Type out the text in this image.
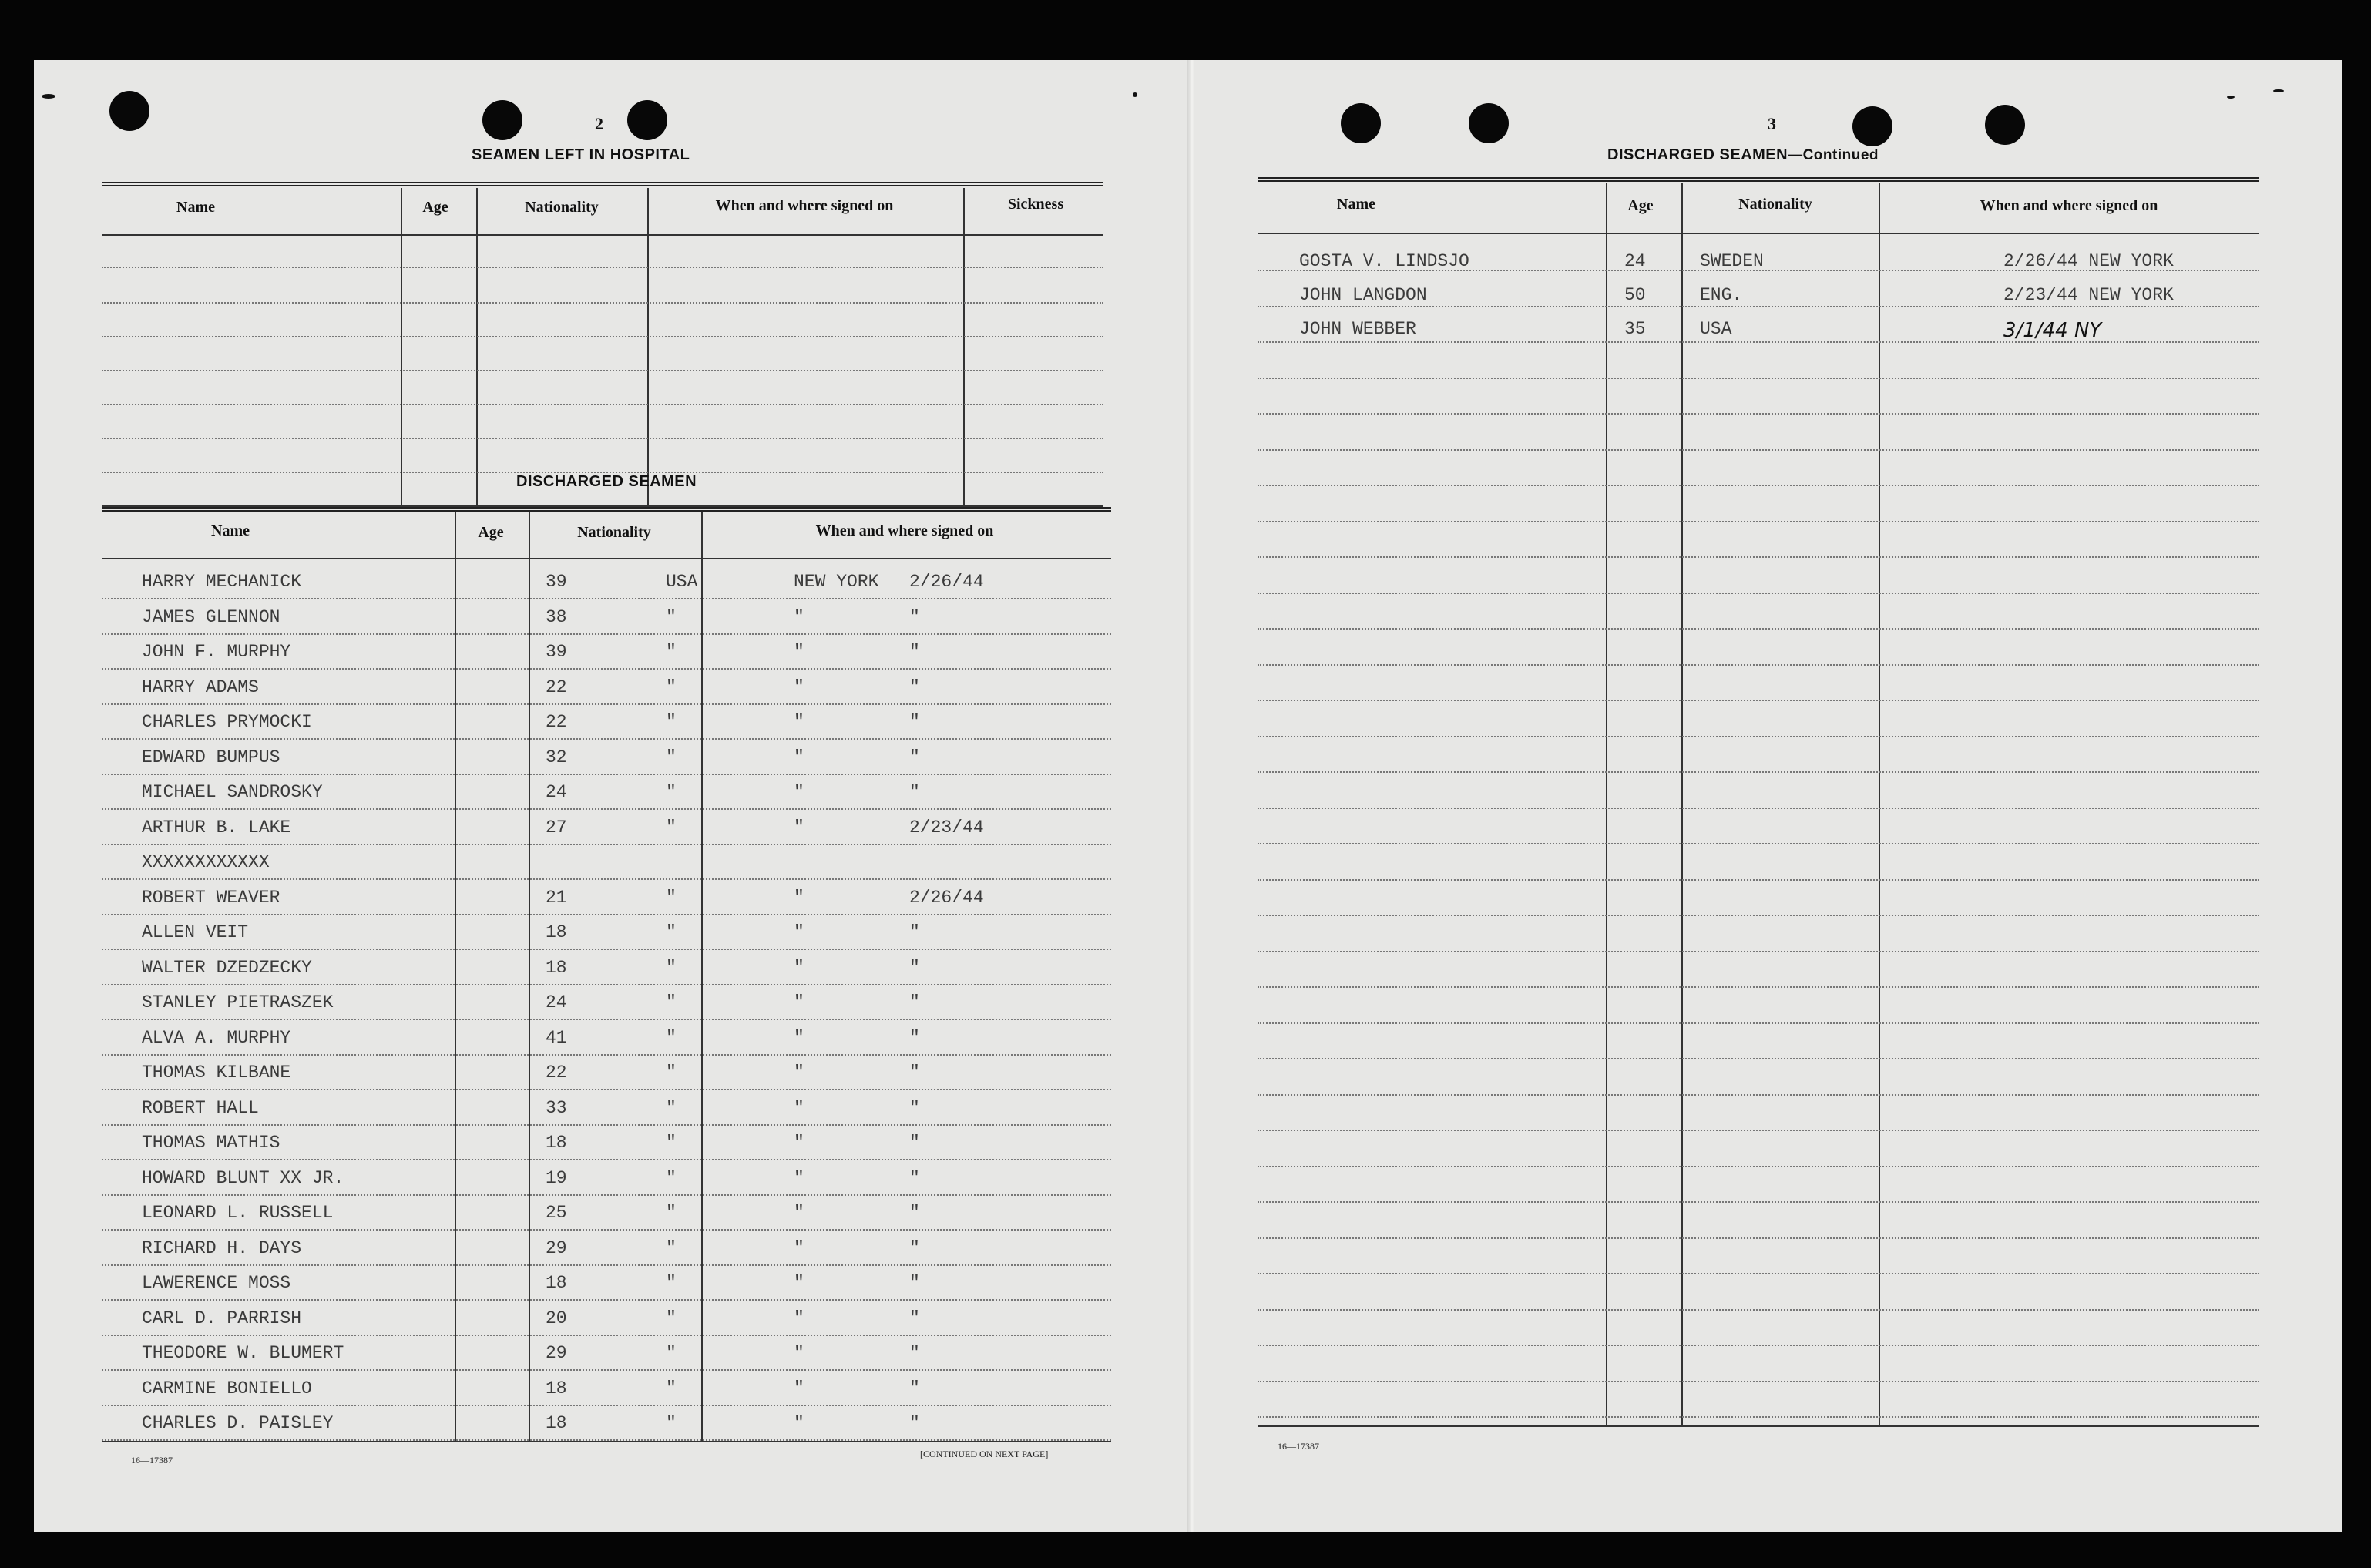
2
SEAMEN LEFT IN HOSPITAL
Name	Age	Nationality	When and where signed on	Sickness
DISCHARGED SEAMEN
Name	Age	Nationality	When and where signed on
HARRY MECHANICK	39	USA	NEW YORK 2/26/44
JAMES GLENNON	38	"	"	"
JOHN F. MURPHY	39	"	"	"
HARRY ADAMS	22	"	"	"
CHARLES PRYMOCKI	22	"	"	"
EDWARD BUMPUS	32	"	"	"
MICHAEL SANDROSKY	24	"	"	"
ARTHUR B. LAKE	27	"	"	2/23/44
XXXXXXXXXXXX
ROBERT WEAVER	21	"	"	2/26/44
ALLEN VEIT	18	"	"	"
WALTER DZEDZECKY	18	"	"	"
STANLEY PIETRASZEK	24	"	"	"
ALVA A. MURPHY	41	"	"	"
THOMAS KILBANE	22	"	"	"
ROBERT HALL	33	"	"	"
THOMAS MATHIS	18	"	"	"
HOWARD BLUNT XX JR.	19	"	"	"
LEONARD L. RUSSELL	25	"	"	"
RICHARD H. DAYS	29	"	"	"
LAWERENCE MOSS	18	"	"	"
CARL D. PARRISH	20	"	"	"
THEODORE W. BLUMERT	29	"	"	"
CARMINE BONIELLO	18	"	"	"
CHARLES D. PAISLEY	18	"	"	"
16—17387
[CONTINUED ON NEXT PAGE]
3
DISCHARGED SEAMEN—Continued
Name	Age	Nationality	When and where signed on
GOSTA V. LINDSJO	24	SWEDEN	2/26/44 NEW YORK
JOHN LANGDON	50	ENG.	2/23/44 NEW YORK
JOHN WEBBER	35	USA	3/1/44 NY
16—17387
